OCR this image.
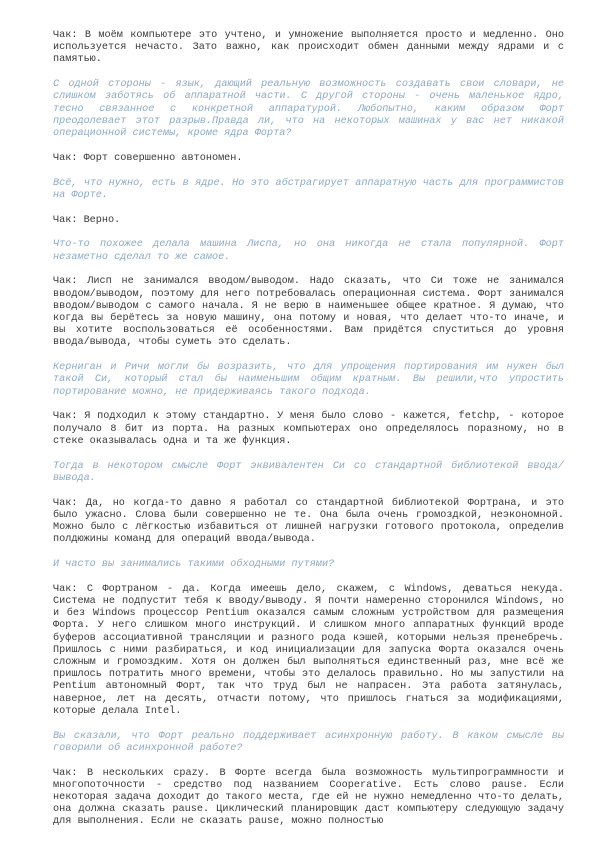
Чак: В моём компьютере это учтено, и умножение выполняется просто и медленно. Оно используется нечасто. Зато важно, как происходит обмен данными между ядрами и с памятью.

С одной стороны - язык, дающий реальную возможность создавать свои словари, не слишком заботясь об аппаратной части. С другой стороны - очень маленькое ядро, тесно связанное с конкретной аппаратурой. Любопытно, каким образом Форт преодолевает этот разрыв.Правда ли, что на некоторых машинах у вас нет никакой операционной системы, кроме ядра Форта?

Чак: Форт совершенно автономен.

Всё, что нужно, есть в ядре. Но это абстрагирует аппаратную часть для программистов на Форте.

Чак: Верно.

Что-то похожее делала машина Лиспа, но она никогда не стала популярной. Форт незаметно сделал то же самое.

Чак: Лисп не занимался вводом/выводом. Надо сказать, что Си тоже не занимался вводом/выводом, поэтому для него потребовалась операционная система. Форт занимался вводом/выводом с самого начала. Я не верю в наименьшее общее кратное. Я думаю, что когда вы берётесь за новую машину, она потому и новая, что делает что-то иначе, и вы хотите воспользоваться её особенностями. Вам придётся спуститься до уровня ввода/вывода, чтобы суметь это сделать.

Керниган и Ричи могли бы возразить, что для упрощения портирования им нужен был такой Си, который стал бы наименьшим общим кратным. Вы решили,что упростить портирование можно, не придерживаясь такого подхода.

Чак: Я подходил к этому стандартно. У меня было слово - кажется, fetchp, - которое получало 8 бит из порта. На разных компьютерах оно определялось поразному, но в стеке оказывалась одна и та же функция.

Тогда в некотором смысле Форт эквивалентен Си со стандартной библиотекой ввода/вывода.

Чак: Да, но когда-то давно я работал со стандартной библиотекой Фортрана, и это было ужасно. Слова были совершенно не те. Она была очень громоздкой, неэкономной. Можно было с лёгкостью избавиться от лишней нагрузки готового протокола, определив полдюжины команд для операций ввода/вывода.

И часто вы занимались такими обходными путями?

Чак: С Фортраном - да. Когда имеешь дело, скажем, с Windows, деваться некуда. Система не подпустит тебя к вводу/выводу. Я почти намеренно сторонился Windows, но и без Windows процессор Pentium оказался самым сложным устройством для размещения Форта. У него слишком много инструкций. И слишком много аппаратных функций вроде буферов ассоциативной трансляции и разного рода кэшей, которыми нельзя пренебречь. Пришлось с ними разбираться, и код инициализации для запуска Форта оказался очень сложным и громоздким. Хотя он должен был выполняться единственный раз, мне всё же пришлось потратить много времени, чтобы это делалось правильно. Но мы запустили на Pentium автономный Форт, так что труд был не напрасен. Эта работа затянулась, наверное, лет на десять, отчасти потому, что пришлось гнаться за модификациями, которые делала Intel.

Вы сказали, что Форт реально поддерживает асинхронную работу. В каком смысле вы говорили об асинхронной работе?

Чак: В нескольких срazу. В Форте всегда была возможность мультипрограммности и многопоточности - средство под названием Cooperative. Есть слово pause. Если некоторая задача доходит до такого места, где ей не нужно немедленно что-то делать, она должна сказать pause. Циклический планировщик даст компьютеру следующую задачу для выполнения. Если не сказать pause, можно полностью
